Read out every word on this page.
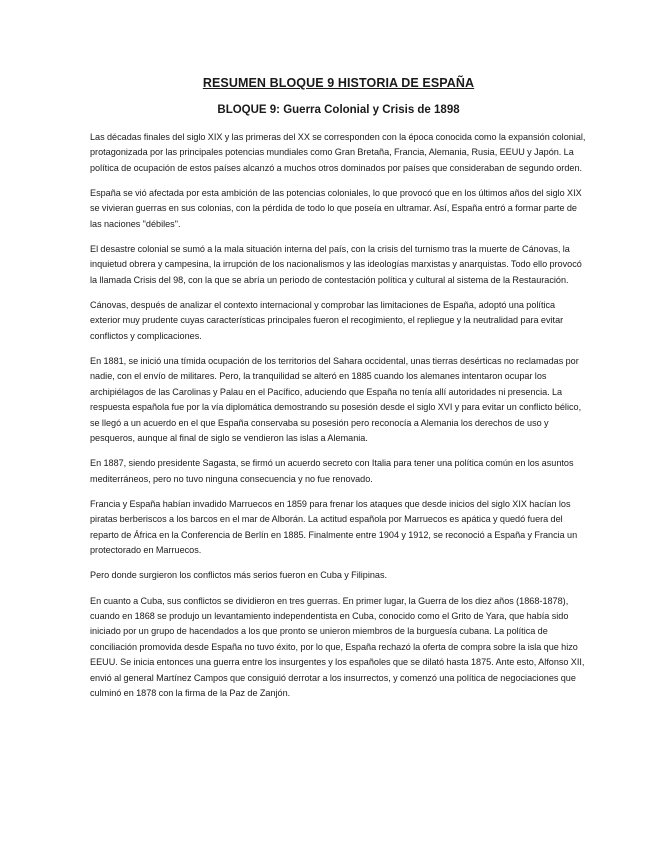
RESUMEN BLOQUE 9 HISTORIA DE ESPAÑA
BLOQUE 9: Guerra Colonial y Crisis de 1898

Las décadas finales del siglo XIX y las primeras del XX se corresponden con la época conocida como la expansión colonial, protagonizada por las principales potencias mundiales como Gran Bretaña, Francia, Alemania, Rusia, EEUU y Japón. La política de ocupación de estos países alcanzó a muchos otros dominados por países que consideraban de segundo orden.

España se vió afectada por esta ambición de las potencias coloniales, lo que provocó que en los últimos años del siglo XIX se vivieran guerras en sus colonias, con la pérdida de todo lo que poseía en ultramar. Así, España entró a formar parte de las naciones "débiles".

El desastre colonial se sumó a la mala situación interna del país, con la crisis del turnismo tras la muerte de Cánovas, la inquietud obrera y campesina, la irrupción de los nacionalismos y las ideologías marxistas y anarquistas. Todo ello provocó la llamada Crisis del 98, con la que se abría un periodo de contestación política y cultural al sistema de la Restauración.

Cánovas, después de analizar el contexto internacional y comprobar las limitaciones de España, adoptó una política exterior muy prudente cuyas características principales fueron el recogimiento, el repliegue y la neutralidad para evitar conflictos y complicaciones.

En 1881, se inició una tímida ocupación de los territorios del Sahara occidental, unas tierras desérticas no reclamadas por nadie, con el envío de militares. Pero, la tranquilidad se alteró en 1885 cuando los alemanes intentaron ocupar los archipiélagos de las Carolinas y Palau en el Pacífico, aduciendo que España no tenía allí autoridades ni presencia. La respuesta española fue por la vía diplomática demostrando su posesión desde el siglo XVI y para evitar un conflicto bélico, se llegó a un acuerdo en el que España conservaba su posesión pero reconocía a Alemania los derechos de uso y pesqueros, aunque al final de siglo se vendieron las islas a Alemania.

En 1887, siendo presidente Sagasta, se firmó un acuerdo secreto con Italia para tener una política común en los asuntos mediterráneos, pero no tuvo ninguna consecuencia y no fue renovado.

Francia y España habían invadido Marruecos en 1859 para frenar los ataques que desde inicios del siglo XIX hacían los piratas berberiscos a los barcos en el mar de Alborán. La actitud española por Marruecos es apática y quedó fuera del reparto de África en la Conferencia de Berlín en 1885. Finalmente entre 1904 y 1912, se reconoció a España y Francia un protectorado en Marruecos.

Pero donde surgieron los conflictos más serios fueron en Cuba y Filipinas.

En cuanto a Cuba, sus conflictos se dividieron en tres guerras. En primer lugar, la Guerra de los diez años (1868-1878), cuando en 1868 se produjo un levantamiento independentista en Cuba, conocido como el Grito de Yara, que había sido iniciado por un grupo de hacendados a los que pronto se unieron miembros de la burguesía cubana. La política de conciliación promovida desde España no tuvo éxito, por lo que, España rechazó la oferta de compra sobre la isla que hizo EEUU. Se inicia entonces una guerra entre los insurgentes y los españoles que se dilató hasta 1875. Ante esto, Alfonso XII, envió al general Martínez Campos que consiguió derrotar a los insurrectos, y comenzó una política de negociaciones que culminó en 1878 con la firma de la Paz de Zanjón.
